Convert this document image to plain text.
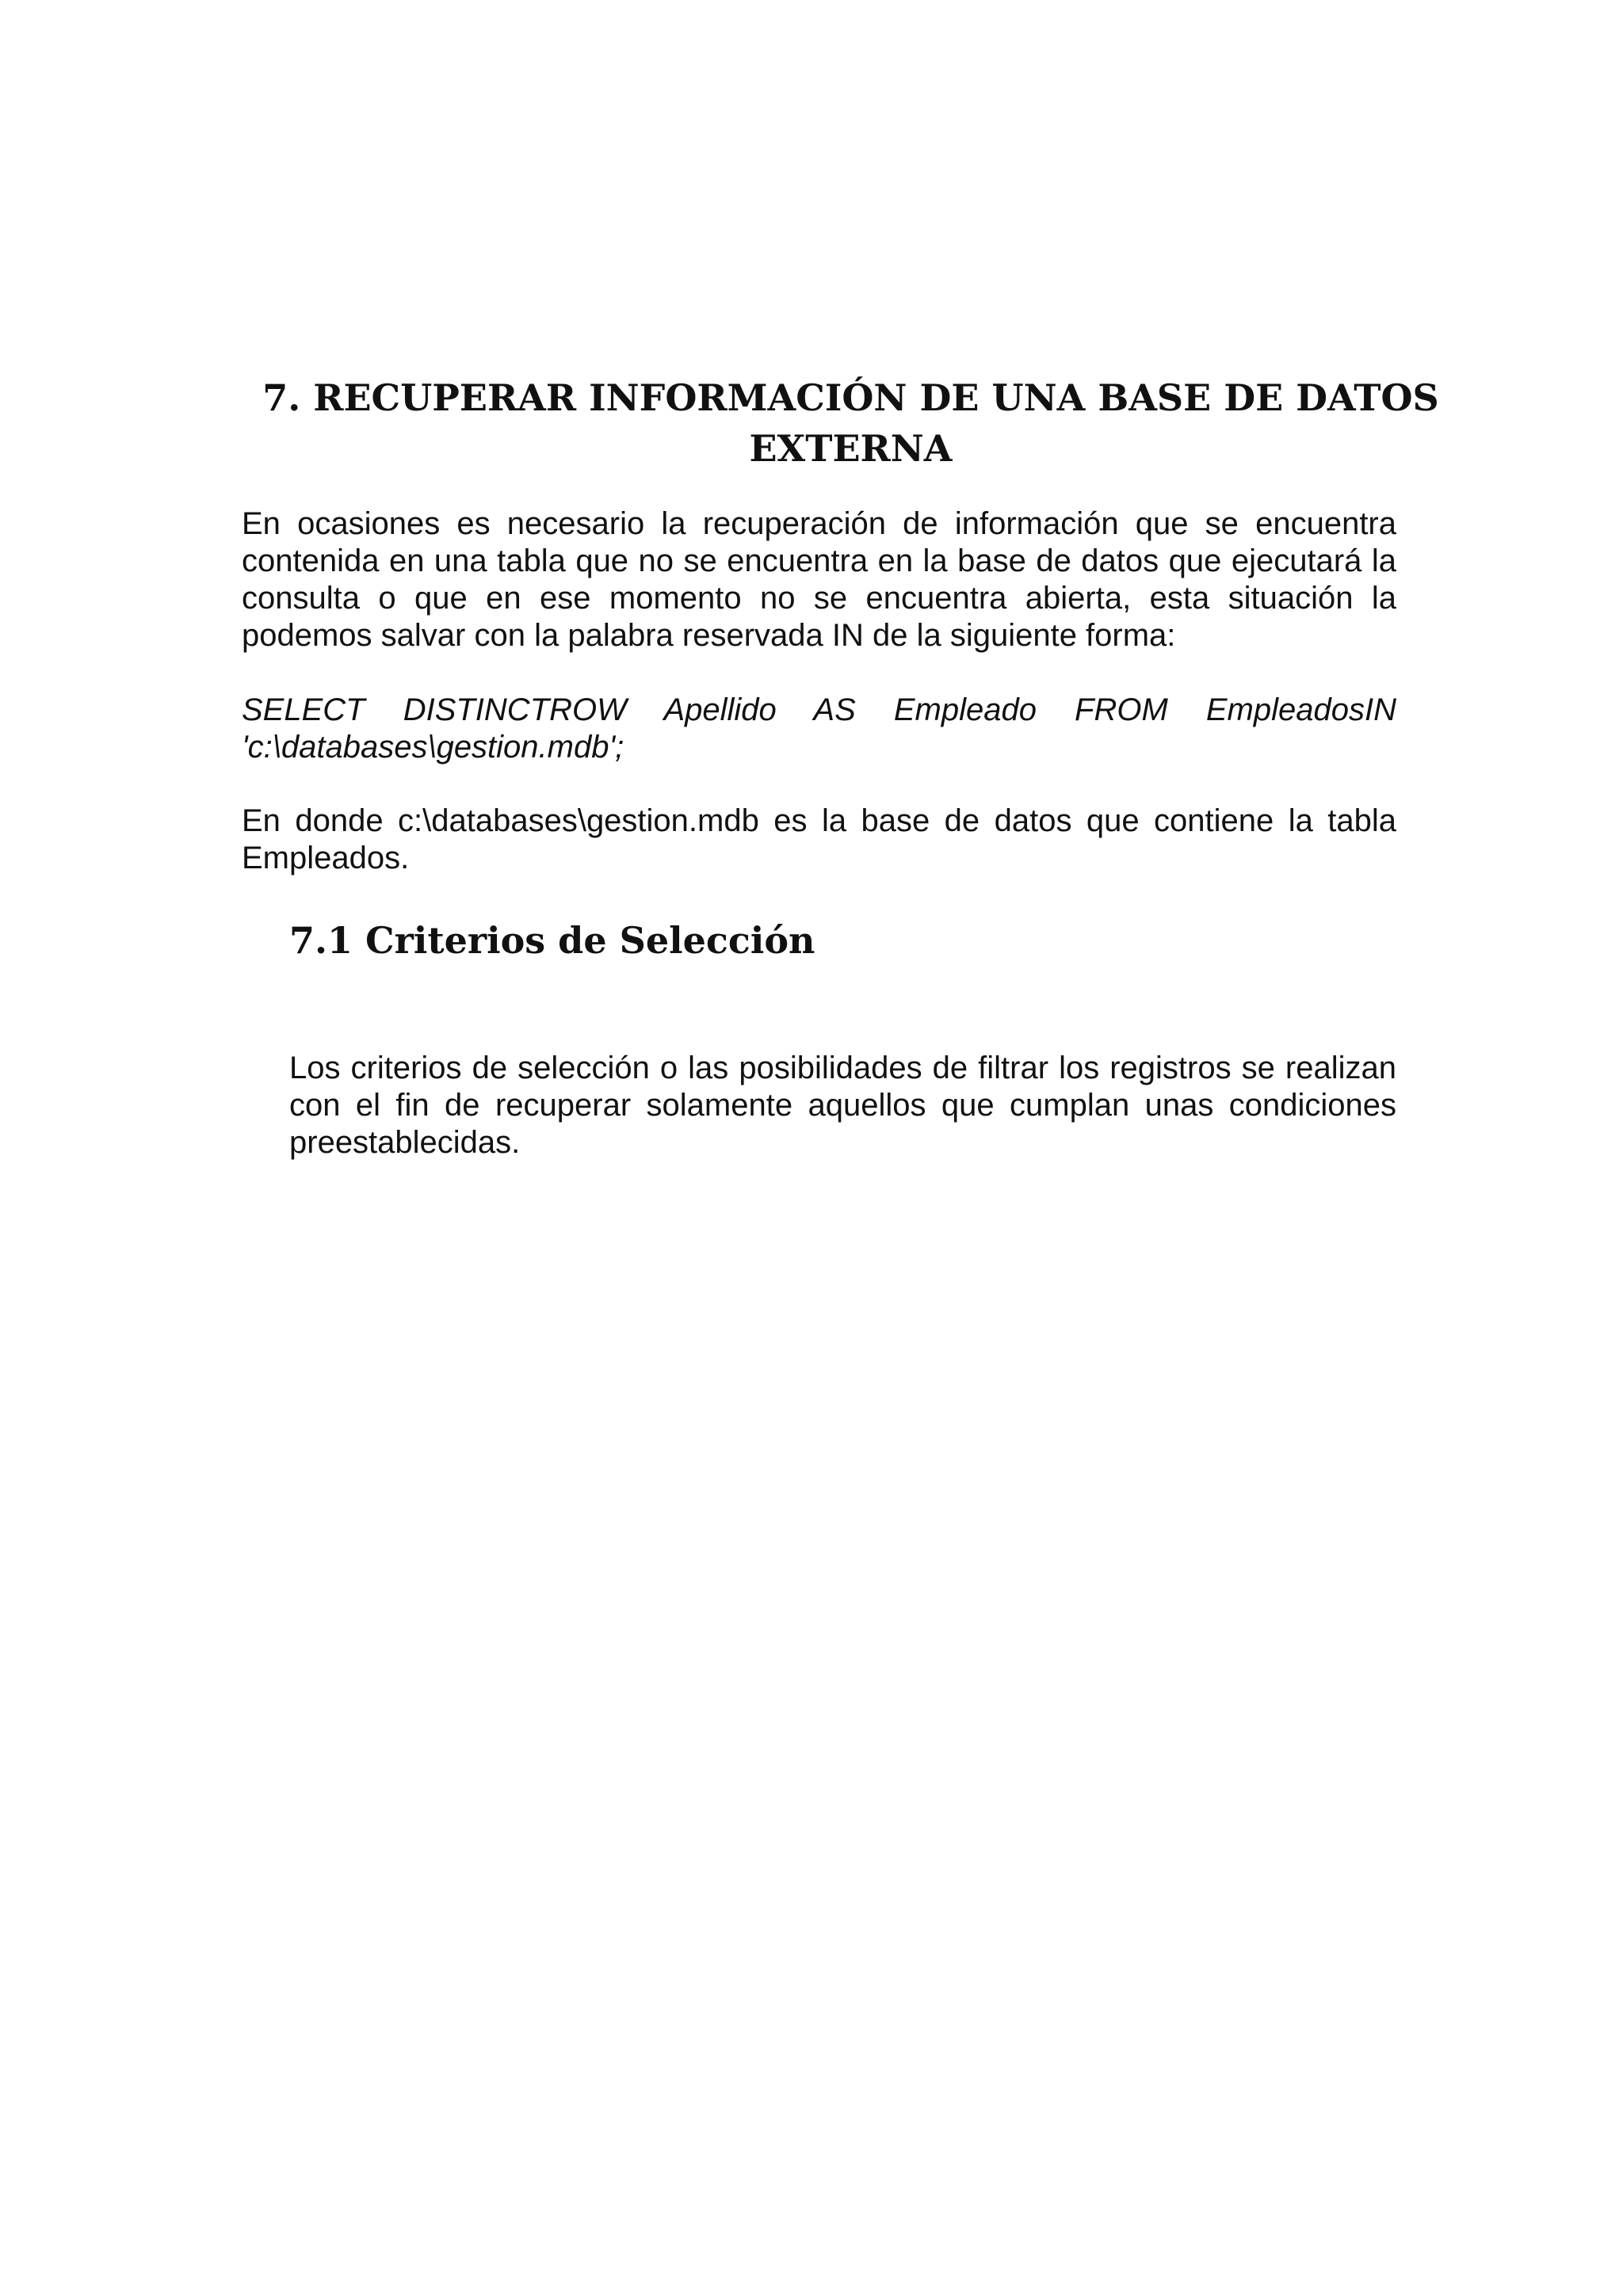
7. RECUPERAR INFORMACIÓN DE UNA BASE DE DATOS EXTERNA

En ocasiones es necesario la recuperación de información que se encuentra contenida en una tabla que no se encuentra en la base de datos que ejecutará la consulta o que en ese momento no se encuentra abierta, esta situación la podemos salvar con la palabra reservada IN de la siguiente forma:

SELECT DISTINCTROW Apellido AS Empleado FROM EmpleadosIN 'c:\databases\gestion.mdb';

En donde c:\databases\gestion.mdb es la base de datos que contiene la tabla Empleados.

7.1 Criterios de Selección

Los criterios de selección o las posibilidades de filtrar los registros se realizan con el fin de recuperar solamente aquellos que cumplan unas condiciones preestablecidas.
